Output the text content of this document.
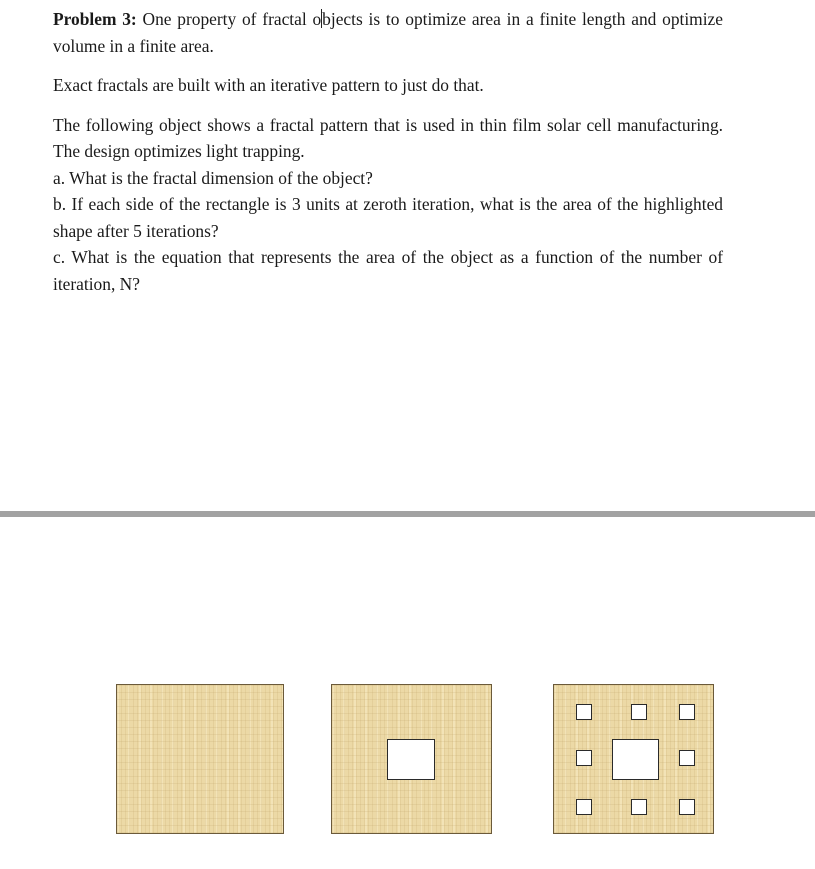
Problem 3: One property of fractal objects is to optimize area in a finite length and optimize volume in a finite area.

Exact fractals are built with an iterative pattern to just do that.

The following object shows a fractal pattern that is used in thin film solar cell manufacturing. The design optimizes light trapping.

a. What is the fractal dimension of the object?

b. If each side of the rectangle is 3 units at zeroth iteration, what is the area of the highlighted shape after 5 iterations?

c. What is the equation that represents the area of the object as a function of the number of iteration, N?
